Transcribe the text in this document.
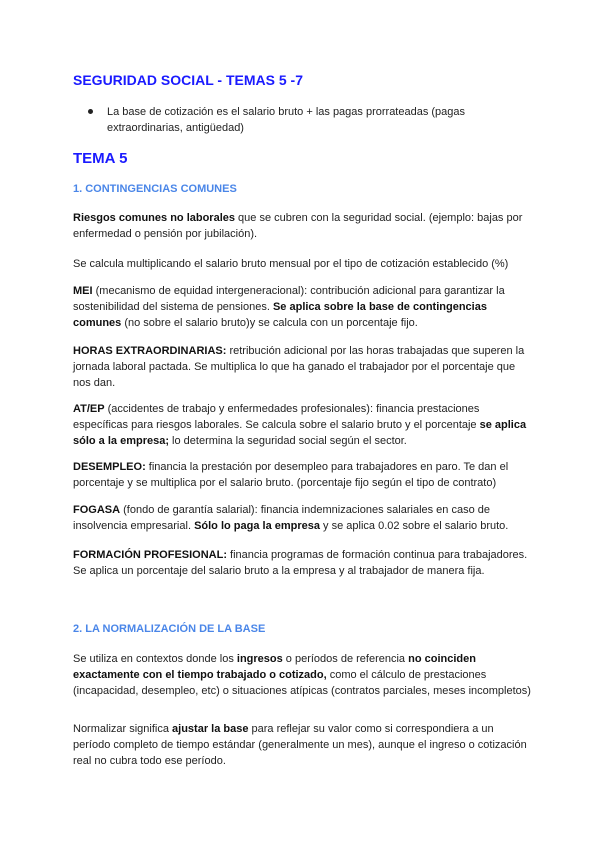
SEGURIDAD SOCIAL - TEMAS 5 -7
La base de cotización es el salario bruto + las pagas prorrateadas (pagas extraordinarias, antigüedad)
TEMA 5
1. CONTINGENCIAS COMUNES

Riesgos comunes no laborales que se cubren con la seguridad social. (ejemplo: bajas por enfermedad o pensión por jubilación).

Se calcula multiplicando el salario bruto mensual por el tipo de cotización establecido (%)

MEI (mecanismo de equidad intergeneracional): contribución adicional para garantizar la sostenibilidad del sistema de pensiones. Se aplica sobre la base de contingencias comunes (no sobre el salario bruto)y se calcula con un porcentaje fijo.

HORAS EXTRAORDINARIAS: retribución adicional por las horas trabajadas que superen la jornada laboral pactada. Se multiplica lo que ha ganado el trabajador por el porcentaje que nos dan.

AT/EP (accidentes de trabajo y enfermedades profesionales): financia prestaciones específicas para riesgos laborales. Se calcula sobre el salario bruto y el porcentaje se aplica sólo a la empresa; lo determina la seguridad social según el sector.

DESEMPLEO: financia la prestación por desempleo para trabajadores en paro. Te dan el porcentaje y se multiplica por el salario bruto. (porcentaje fijo según el tipo de contrato)

FOGASA (fondo de garantía salarial): financia indemnizaciones salariales en caso de insolvencia empresarial. Sólo lo paga la empresa y se aplica 0.02 sobre el salario bruto.

FORMACIÓN PROFESIONAL: financia programas de formación continua para trabajadores. Se aplica un porcentaje del salario bruto a la empresa y al trabajador de manera fija.

2. LA NORMALIZACIÓN DE LA BASE

Se utiliza en contextos donde los ingresos o períodos de referencia no coinciden exactamente con el tiempo trabajado o cotizado, como el cálculo de prestaciones (incapacidad, desempleo, etc) o situaciones atípicas (contratos parciales, meses incompletos)

Normalizar significa ajustar la base para reflejar su valor como si correspondiera a un período completo de tiempo estándar (generalmente un mes), aunque el ingreso o cotización real no cubra todo ese período.
